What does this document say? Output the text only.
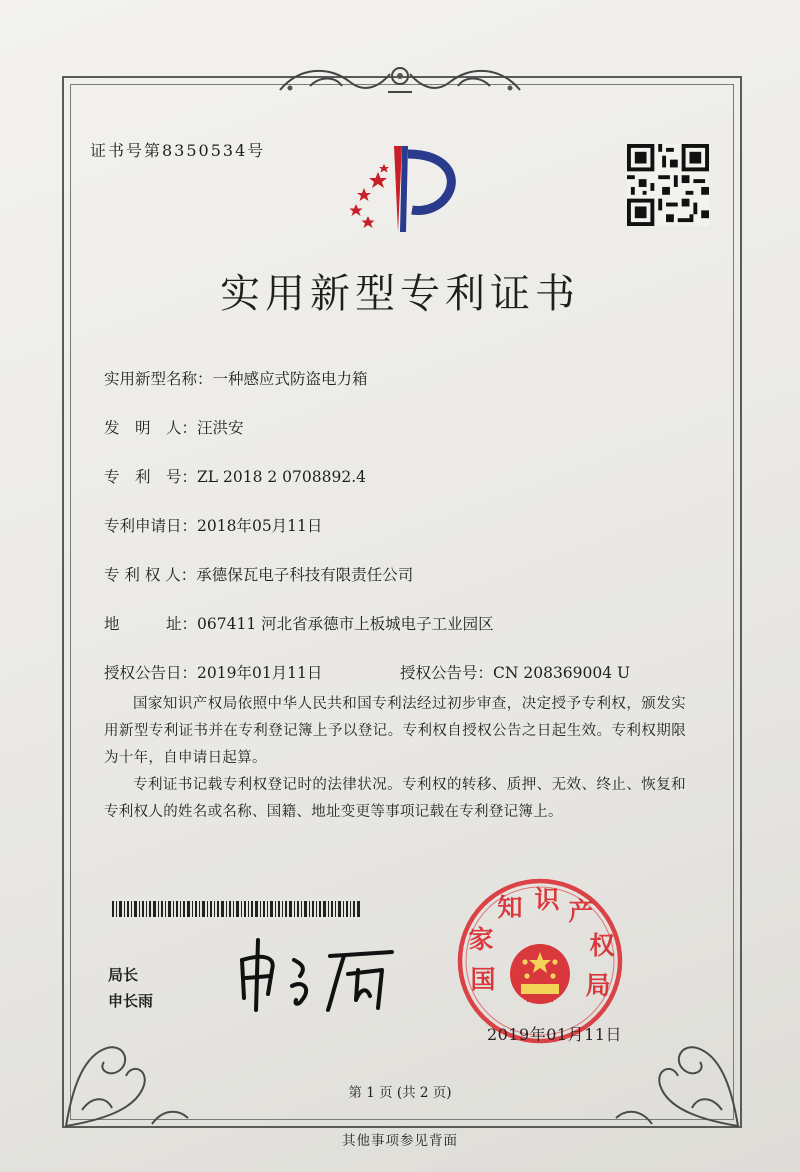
证书号第8350534号
实用新型专利证书
实用新型名称：一种感应式防盗电力箱
发　明　人：汪洪安
专　利　号：ZL 2018 2 0708892.4
专利申请日：2018年05月11日
专 利 权 人：承德保瓦电子科技有限责任公司
地　　　址：067411 河北省承德市上板城电子工业园区
授权公告日：2019年01月11日	授权公告号：CN 208369004 U
国家知识产权局依照中华人民共和国专利法经过初步审查，决定授予专利权，颁发实用新型专利证书并在专利登记簿上予以登记。专利权自授权公告之日起生效。专利权期限为十年，自申请日起算。
专利证书记载专利权登记时的法律状况。专利权的转移、质押、无效、终止、恢复和专利权人的姓名或名称、国籍、地址变更等事项记载在专利登记簿上。
局长
申长雨
国
家
知 识 产
权
局
2019年01月11日
第 1 页 (共 2 页)
其他事项参见背面
